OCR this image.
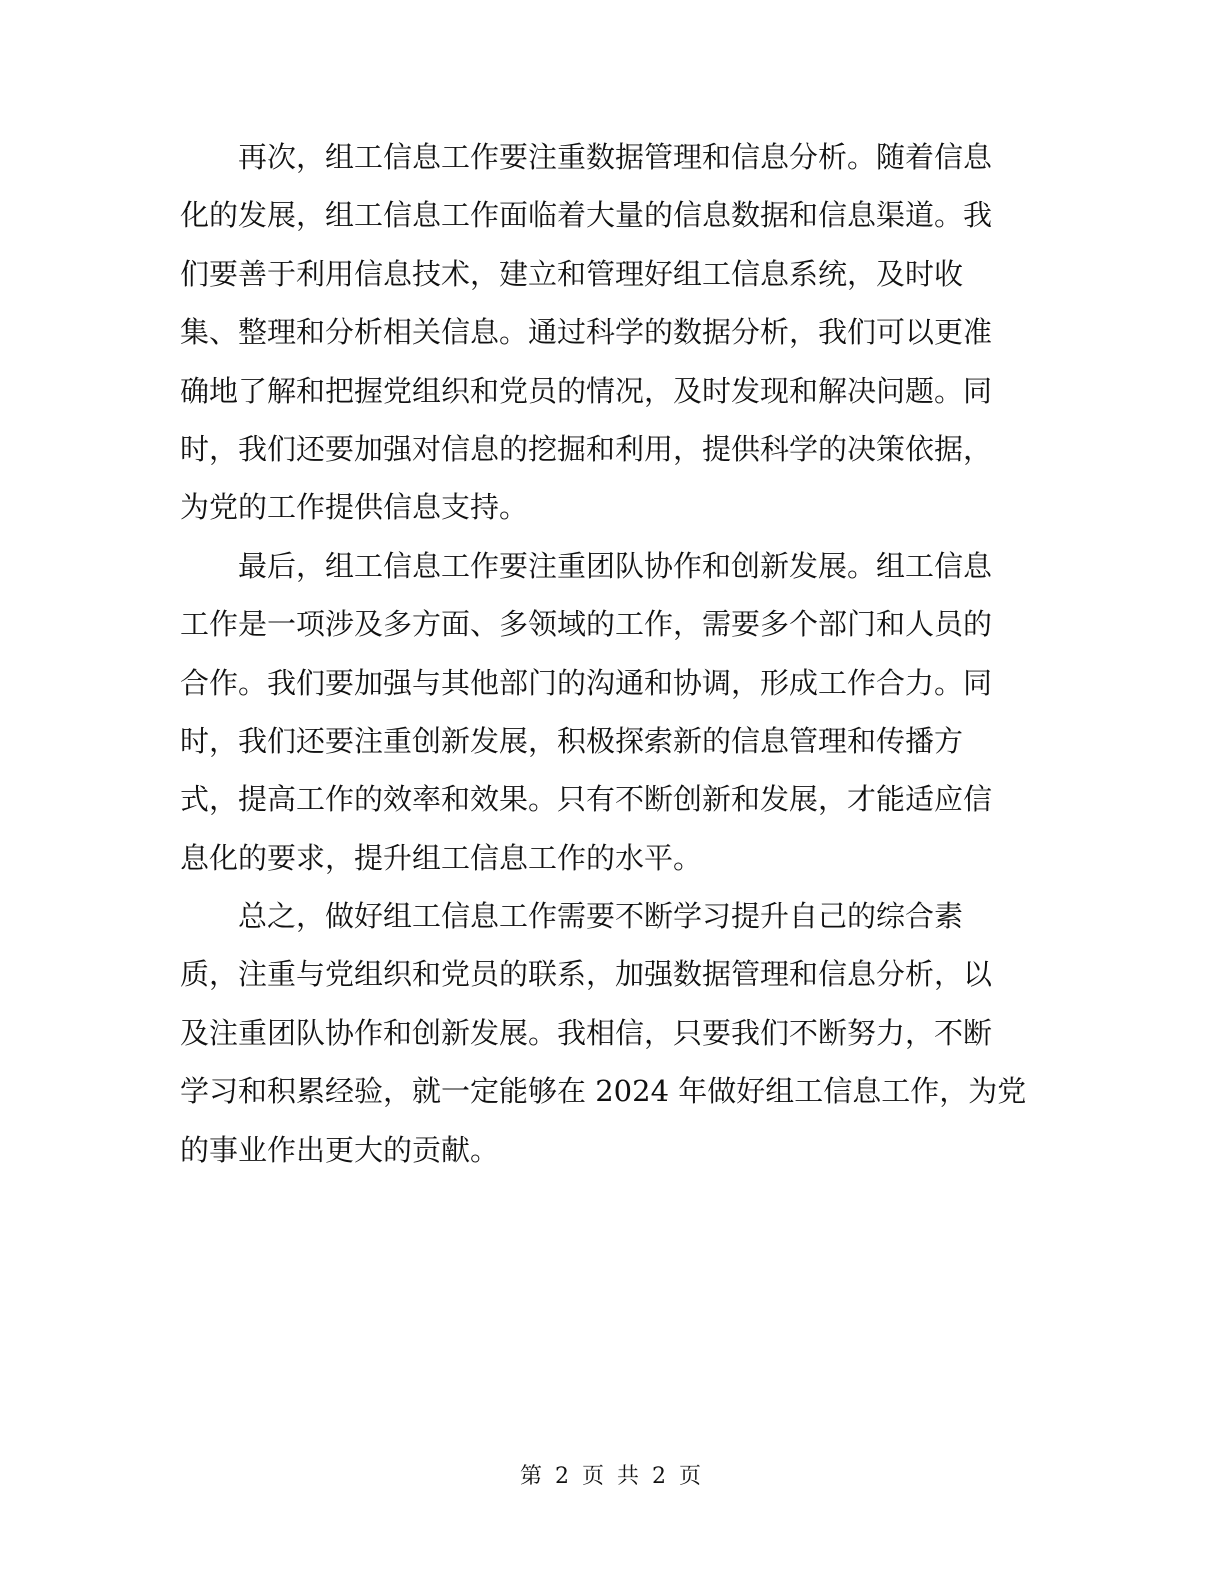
再次，组工信息工作要注重数据管理和信息分析。随着信息
化的发展，组工信息工作面临着大量的信息数据和信息渠道。我
们要善于利用信息技术，建立和管理好组工信息系统，及时收
集、整理和分析相关信息。通过科学的数据分析，我们可以更准
确地了解和把握党组织和党员的情况，及时发现和解决问题。同
时，我们还要加强对信息的挖掘和利用，提供科学的决策依据，
为党的工作提供信息支持。
最后，组工信息工作要注重团队协作和创新发展。组工信息
工作是一项涉及多方面、多领域的工作，需要多个部门和人员的
合作。我们要加强与其他部门的沟通和协调，形成工作合力。同
时，我们还要注重创新发展，积极探索新的信息管理和传播方
式，提高工作的效率和效果。只有不断创新和发展，才能适应信
息化的要求，提升组工信息工作的水平。
总之，做好组工信息工作需要不断学习提升自己的综合素
质，注重与党组织和党员的联系，加强数据管理和信息分析，以
及注重团队协作和创新发展。我相信，只要我们不断努力，不断
学习和积累经验，就一定能够在 2024 年做好组工信息工作，为党
的事业作出更大的贡献。
第 2 页 共 2 页
